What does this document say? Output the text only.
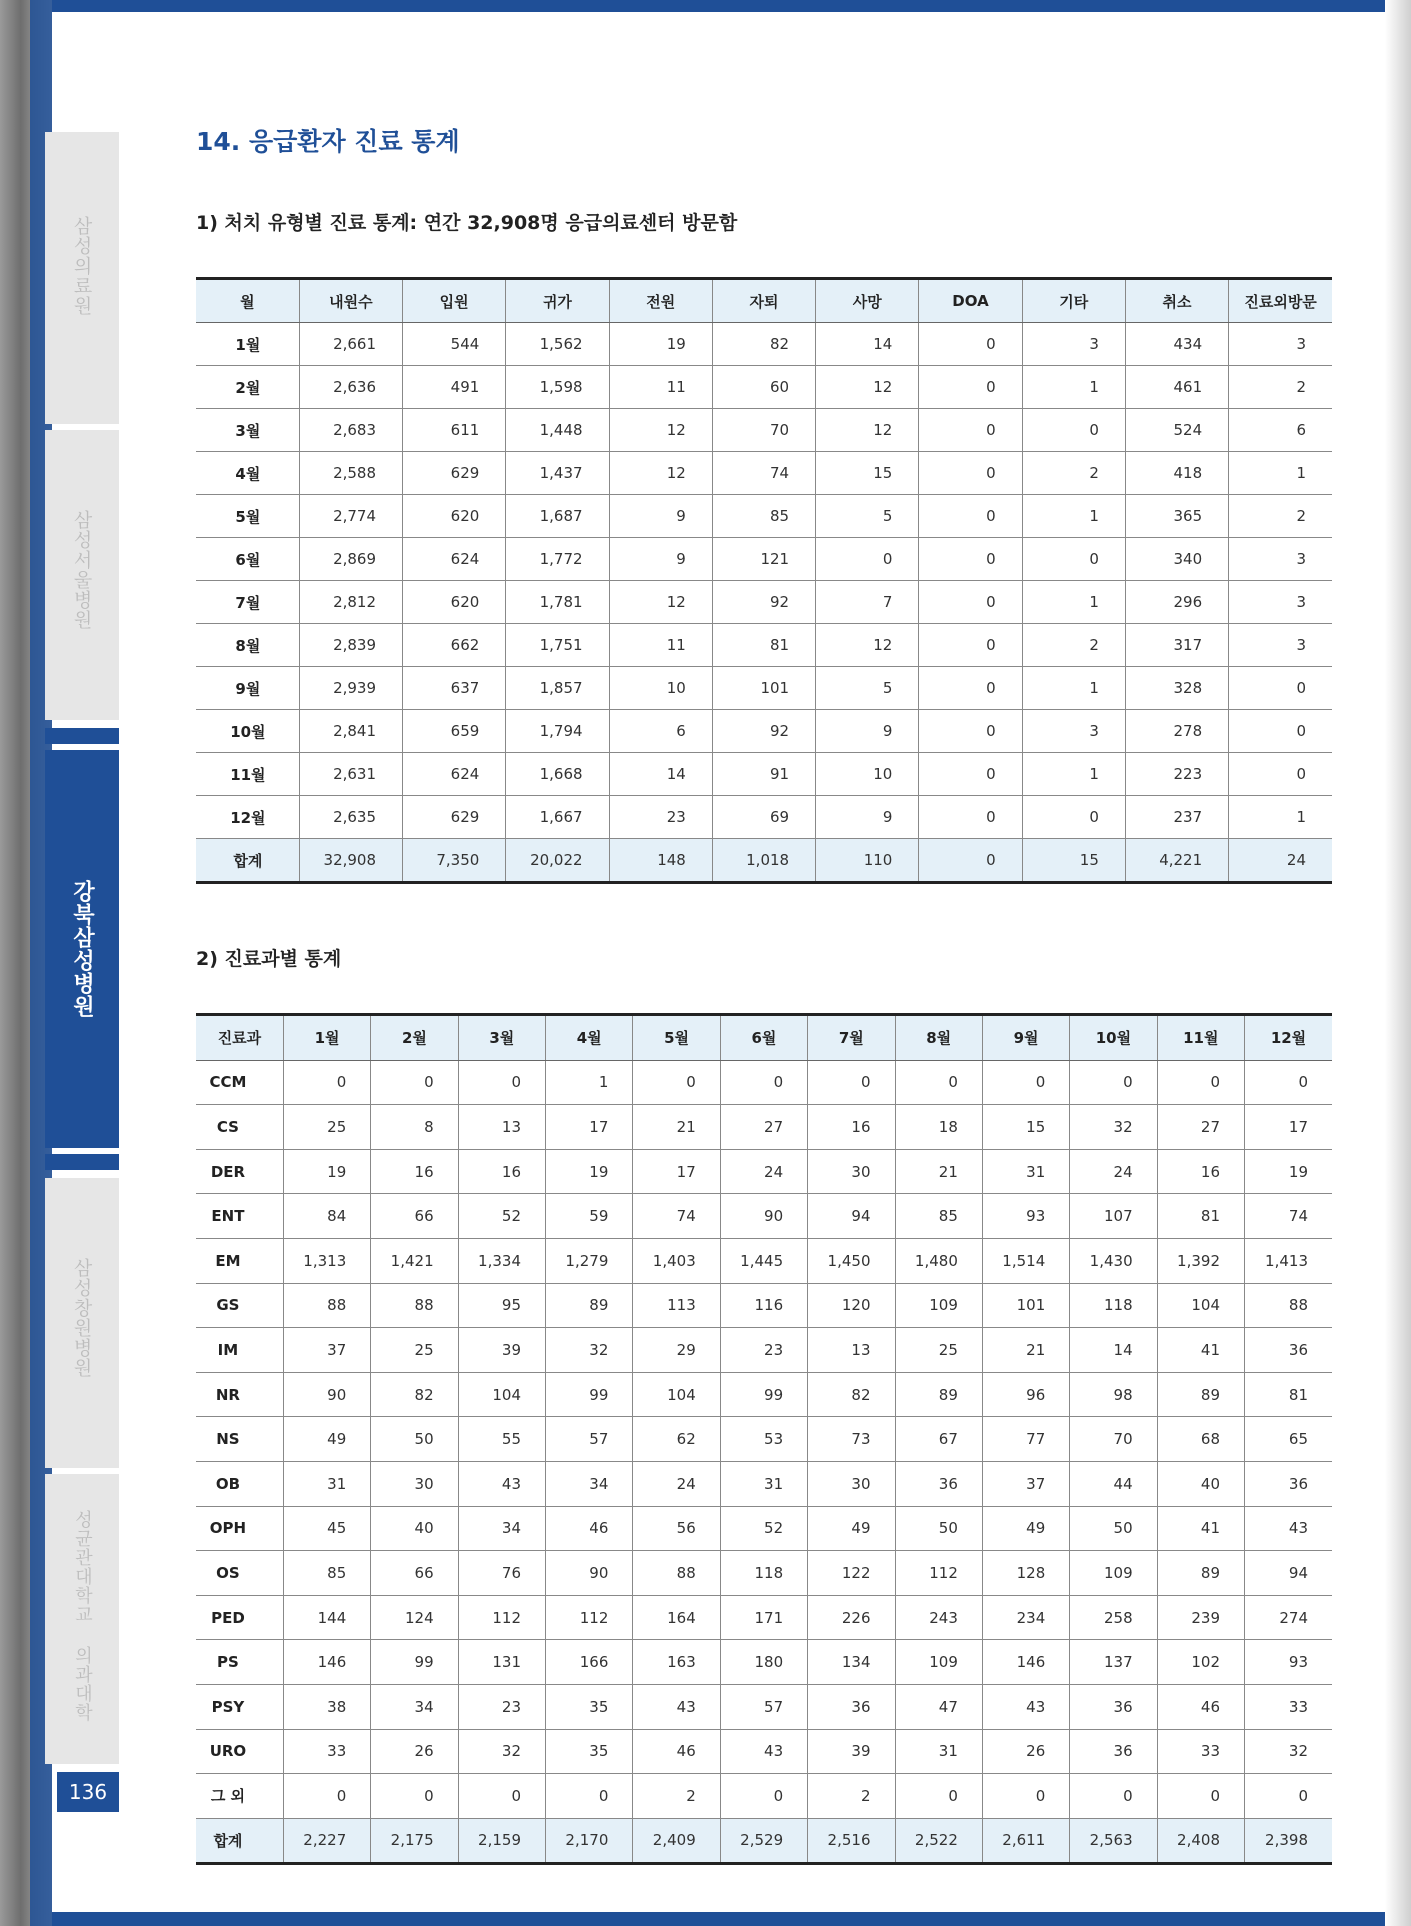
삼성의료원
삼성서울병원
강북삼성병원
삼성창원병원
성균관대학교 의과대학
136
14. 응급환자 진료 통계
1) 처치 유형별 진료 통계: 연간 32,908명 응급의료센터 방문함
2) 진료과별 통계
월	내원수	입원	귀가	전원	자퇴	사망	DOA	기타	취소	진료외방문
1월	2,661	544	1,562	19	82	14	0	3	434	3
2월	2,636	491	1,598	11	60	12	0	1	461	2
3월	2,683	611	1,448	12	70	12	0	0	524	6
4월	2,588	629	1,437	12	74	15	0	2	418	1
5월	2,774	620	1,687	9	85	5	0	1	365	2
6월	2,869	624	1,772	9	121	0	0	0	340	3
7월	2,812	620	1,781	12	92	7	0	1	296	3
8월	2,839	662	1,751	11	81	12	0	2	317	3
9월	2,939	637	1,857	10	101	5	0	1	328	0
10월	2,841	659	1,794	6	92	9	0	3	278	0
11월	2,631	624	1,668	14	91	10	0	1	223	0
12월	2,635	629	1,667	23	69	9	0	0	237	1
합계	32,908	7,350	20,022	148	1,018	110	0	15	4,221	24
진료과	1월	2월	3월	4월	5월	6월	7월	8월	9월	10월	11월	12월
CCM	0	0	0	1	0	0	0	0	0	0	0	0
CS	25	8	13	17	21	27	16	18	15	32	27	17
DER	19	16	16	19	17	24	30	21	31	24	16	19
ENT	84	66	52	59	74	90	94	85	93	107	81	74
EM	1,313	1,421	1,334	1,279	1,403	1,445	1,450	1,480	1,514	1,430	1,392	1,413
GS	88	88	95	89	113	116	120	109	101	118	104	88
IM	37	25	39	32	29	23	13	25	21	14	41	36
NR	90	82	104	99	104	99	82	89	96	98	89	81
NS	49	50	55	57	62	53	73	67	77	70	68	65
OB	31	30	43	34	24	31	30	36	37	44	40	36
OPH	45	40	34	46	56	52	49	50	49	50	41	43
OS	85	66	76	90	88	118	122	112	128	109	89	94
PED	144	124	112	112	164	171	226	243	234	258	239	274
PS	146	99	131	166	163	180	134	109	146	137	102	93
PSY	38	34	23	35	43	57	36	47	43	36	46	33
URO	33	26	32	35	46	43	39	31	26	36	33	32
그 외	0	0	0	0	2	0	2	0	0	0	0	0
합계	2,227	2,175	2,159	2,170	2,409	2,529	2,516	2,522	2,611	2,563	2,408	2,398
